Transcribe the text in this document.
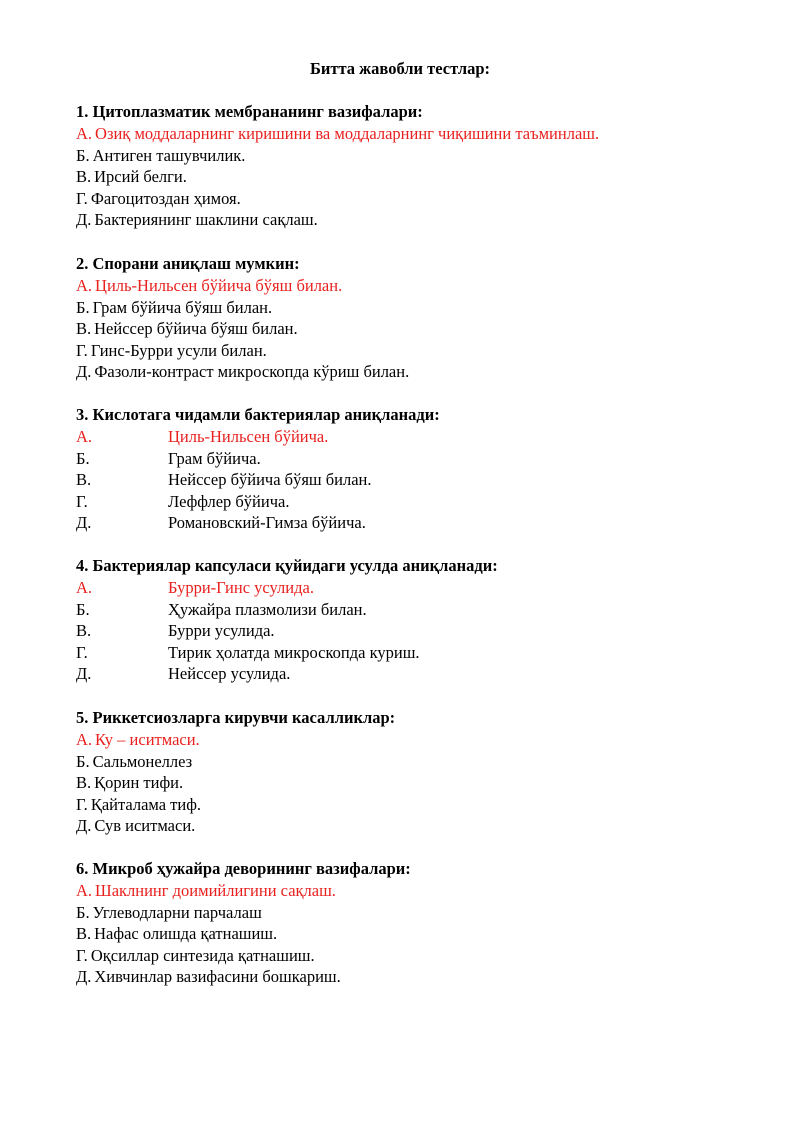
Битта жавобли тестлар:
1. Цитоплазматик мембрананинг вазифалари:
А. Озиқ моддаларнинг киришини ва моддаларнинг чиқишини таъминлаш.
Б. Антиген ташувчилик.
В. Ирсий белги.
Г. Фагоцитоздан ҳимоя.
Д. Бактериянинг шаклини сақлаш.
2. Спорани аниқлаш мумкин:
А. Циль-Нильсен бўйича бўяш билан.
Б. Грам бўйича бўяш билан.
В. Нейссер бўйича бўяш билан.
Г. Гинс-Бурри усули билан.
Д. Фазоли-контраст микроскопда кўриш билан.
3. Кислотага чидамли бактериялар аниқланади:
А.	Циль-Нильсен бўйича.
Б.	Грам бўйича.
В.	Нейссер бўйича бўяш билан.
Г.	Леффлер бўйича.
Д.	Романовский-Гимза бўйича.
4. Бактериялар капсуласи қуйидаги усулда аниқланади:
А.	Бурри-Гинс усулида.
Б.	Ҳужайра плазмолизи билан.
В.	Бурри усулида.
Г.	Тирик ҳолатда микроскопда куриш.
Д.	Нейссер усулида.
5. Риккетсиозларга кирувчи касалликлар:
А. Ку – иситмаси.
Б. Сальмонеллез
В. Қорин тифи.
Г. Қайталама тиф.
Д. Сув иситмаси.
6. Микроб ҳужайра деворининг вазифалари:
А. Шаклнинг доимийлигини сақлаш.
Б. Углеводларни парчалаш
В. Нафас олишда қатнашиш.
Г. Оқсиллар синтезида қатнашиш.
Д. Хивчинлар вазифасини бошкариш.
